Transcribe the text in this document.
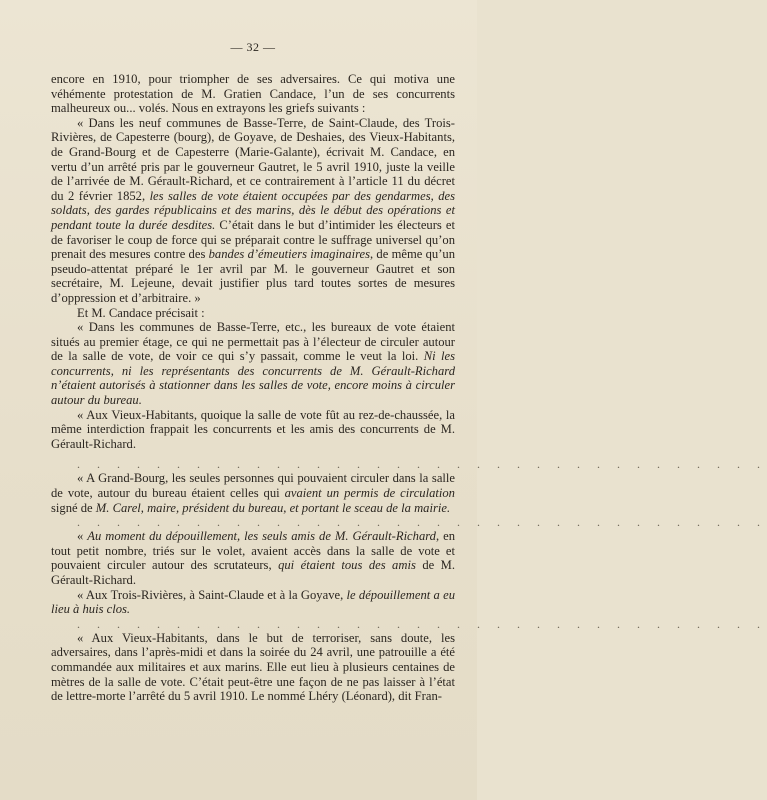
— 32 —

encore en 1910, pour triompher de ses adversaires. Ce qui motiva une véhémente protestation de M. Gratien Candace, l’un de ses concurrents malheureux ou... volés. Nous en extrayons les griefs suivants :

« Dans les neuf communes de Basse-Terre, de Saint-Claude, des Trois-Rivières, de Capesterre (bourg), de Goyave, de Deshaies, des Vieux-Habitants, de Grand-Bourg et de Capesterre (Marie-Galante), écrivait M. Candace, en vertu d’un arrêté pris par le gouverneur Gautret, le 5 avril 1910, juste la veille de l’arrivée de M. Gérault-Richard, et ce contrairement à l’article 11 du décret du 2 février 1852, les salles de vote étaient occupées par des gendarmes, des soldats, des gardes républicains et des marins, dès le début des opérations et pendant toute la durée desdites. C’était dans le but d’intimider les électeurs et de favoriser le coup de force qui se préparait contre le suffrage universel qu’on prenait des mesures contre des bandes d’émeutiers imaginaires, de même qu’un pseudo-attentat préparé le 1er avril par M. le gouverneur Gautret et son secrétaire, M. Lejeune, devait justifier plus tard toutes sortes de mesures d’oppression et d’arbitraire. »

Et M. Candace précisait :

« Dans les communes de Basse-Terre, etc., les bureaux de vote étaient situés au premier étage, ce qui ne permettait pas à l’électeur de circuler autour de la salle de vote, de voir ce qui s’y passait, comme le veut la loi. Ni les concurrents, ni les représentants des concurrents de M. Gérault-Richard n’étaient autorisés à stationner dans les salles de vote, encore moins à circuler autour du bureau.

« Aux Vieux-Habitants, quoique la salle de vote fût au rez-de-chaussée, la même interdiction frappait les concurrents et les amis des concurrents de M. Gérault-Richard.

. . . . . . . . . . . . . . . . . . . . . . . . . . . . . . . . . . .

« A Grand-Bourg, les seules personnes qui pouvaient circuler dans la salle de vote, autour du bureau étaient celles qui avaient un permis de circulation signé de M. Carel, maire, président du bureau, et portant le sceau de la mairie.

. . . . . . . . . . . . . . . . . . . . . . . . . . . . . . . . . . .

« Au moment du dépouillement, les seuls amis de M. Gérault-Richard, en tout petit nombre, triés sur le volet, avaient accès dans la salle de vote et pouvaient circuler autour des scrutateurs, qui étaient tous des amis de M. Gérault-Richard.

« Aux Trois-Rivières, à Saint-Claude et à la Goyave, le dépouillement a eu lieu à huis clos.

. . . . . . . . . . . . . . . . . . . . . . . . . . . . . . . . . . .

« Aux Vieux-Habitants, dans le but de terroriser, sans doute, les adversaires, dans l’après-midi et dans la soirée du 24 avril, une patrouille a été commandée aux militaires et aux marins. Elle eut lieu à plusieurs centaines de mètres de la salle de vote. C’était peut-être une façon de ne pas laisser à l’état de lettre-morte l’arrêté du 5 avril 1910. Le nommé Lhéry (Léonard), dit Fran-
